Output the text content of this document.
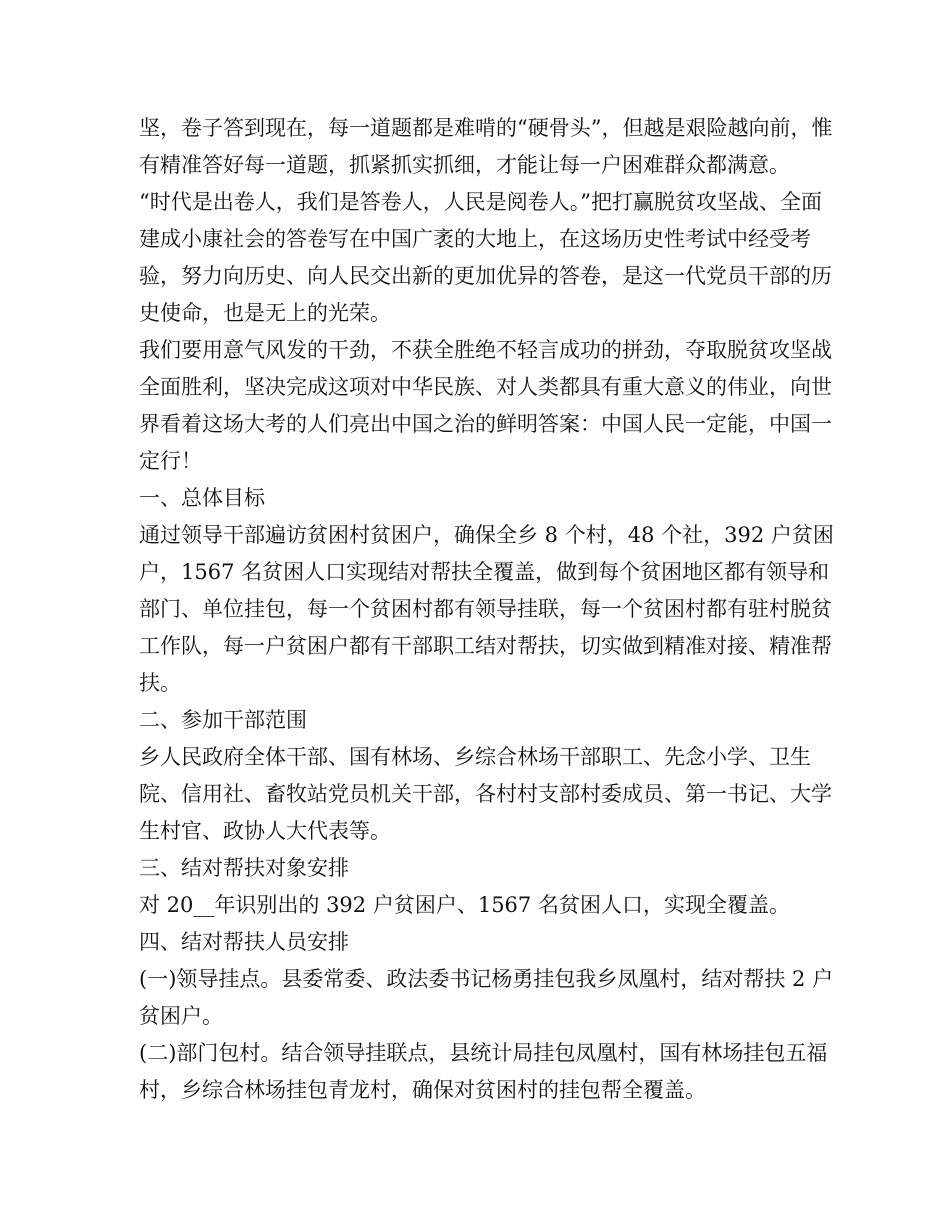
坚，卷子答到现在，每一道题都是难啃的“硬骨头”，但越是艰险越向前，惟有精准答好每一道题，抓紧抓实抓细，才能让每一户困难群众都满意。

“时代是出卷人，我们是答卷人，人民是阅卷人。”把打赢脱贫攻坚战、全面建成小康社会的答卷写在中国广袤的大地上，在这场历史性考试中经受考验，努力向历史、向人民交出新的更加优异的答卷，是这一代党员干部的历史使命，也是无上的光荣。

我们要用意气风发的干劲，不获全胜绝不轻言成功的拼劲，夺取脱贫攻坚战全面胜利，坚决完成这项对中华民族、对人类都具有重大意义的伟业，向世界看着这场大考的人们亮出中国之治的鲜明答案：中国人民一定能，中国一定行！

一、总体目标

通过领导干部遍访贫困村贫困户，确保全乡 8 个村，48 个社，392 户贫困户，1567 名贫困人口实现结对帮扶全覆盖，做到每个贫困地区都有领导和部门、单位挂包，每一个贫困村都有领导挂联，每一个贫困村都有驻村脱贫工作队，每一户贫困户都有干部职工结对帮扶，切实做到精准对接、精准帮扶。

二、参加干部范围

乡人民政府全体干部、国有林场、乡综合林场干部职工、先念小学、卫生院、信用社、畜牧站党员机关干部，各村村支部村委成员、第一书记、大学生村官、政协人大代表等。

三、结对帮扶对象安排

对 20__年识别出的 392 户贫困户、1567 名贫困人口，实现全覆盖。

四、结对帮扶人员安排

(一)领导挂点。县委常委、政法委书记杨勇挂包我乡凤凰村，结对帮扶 2 户贫困户。

(二)部门包村。结合领导挂联点，县统计局挂包凤凰村，国有林场挂包五福村，乡综合林场挂包青龙村，确保对贫困村的挂包帮全覆盖。
